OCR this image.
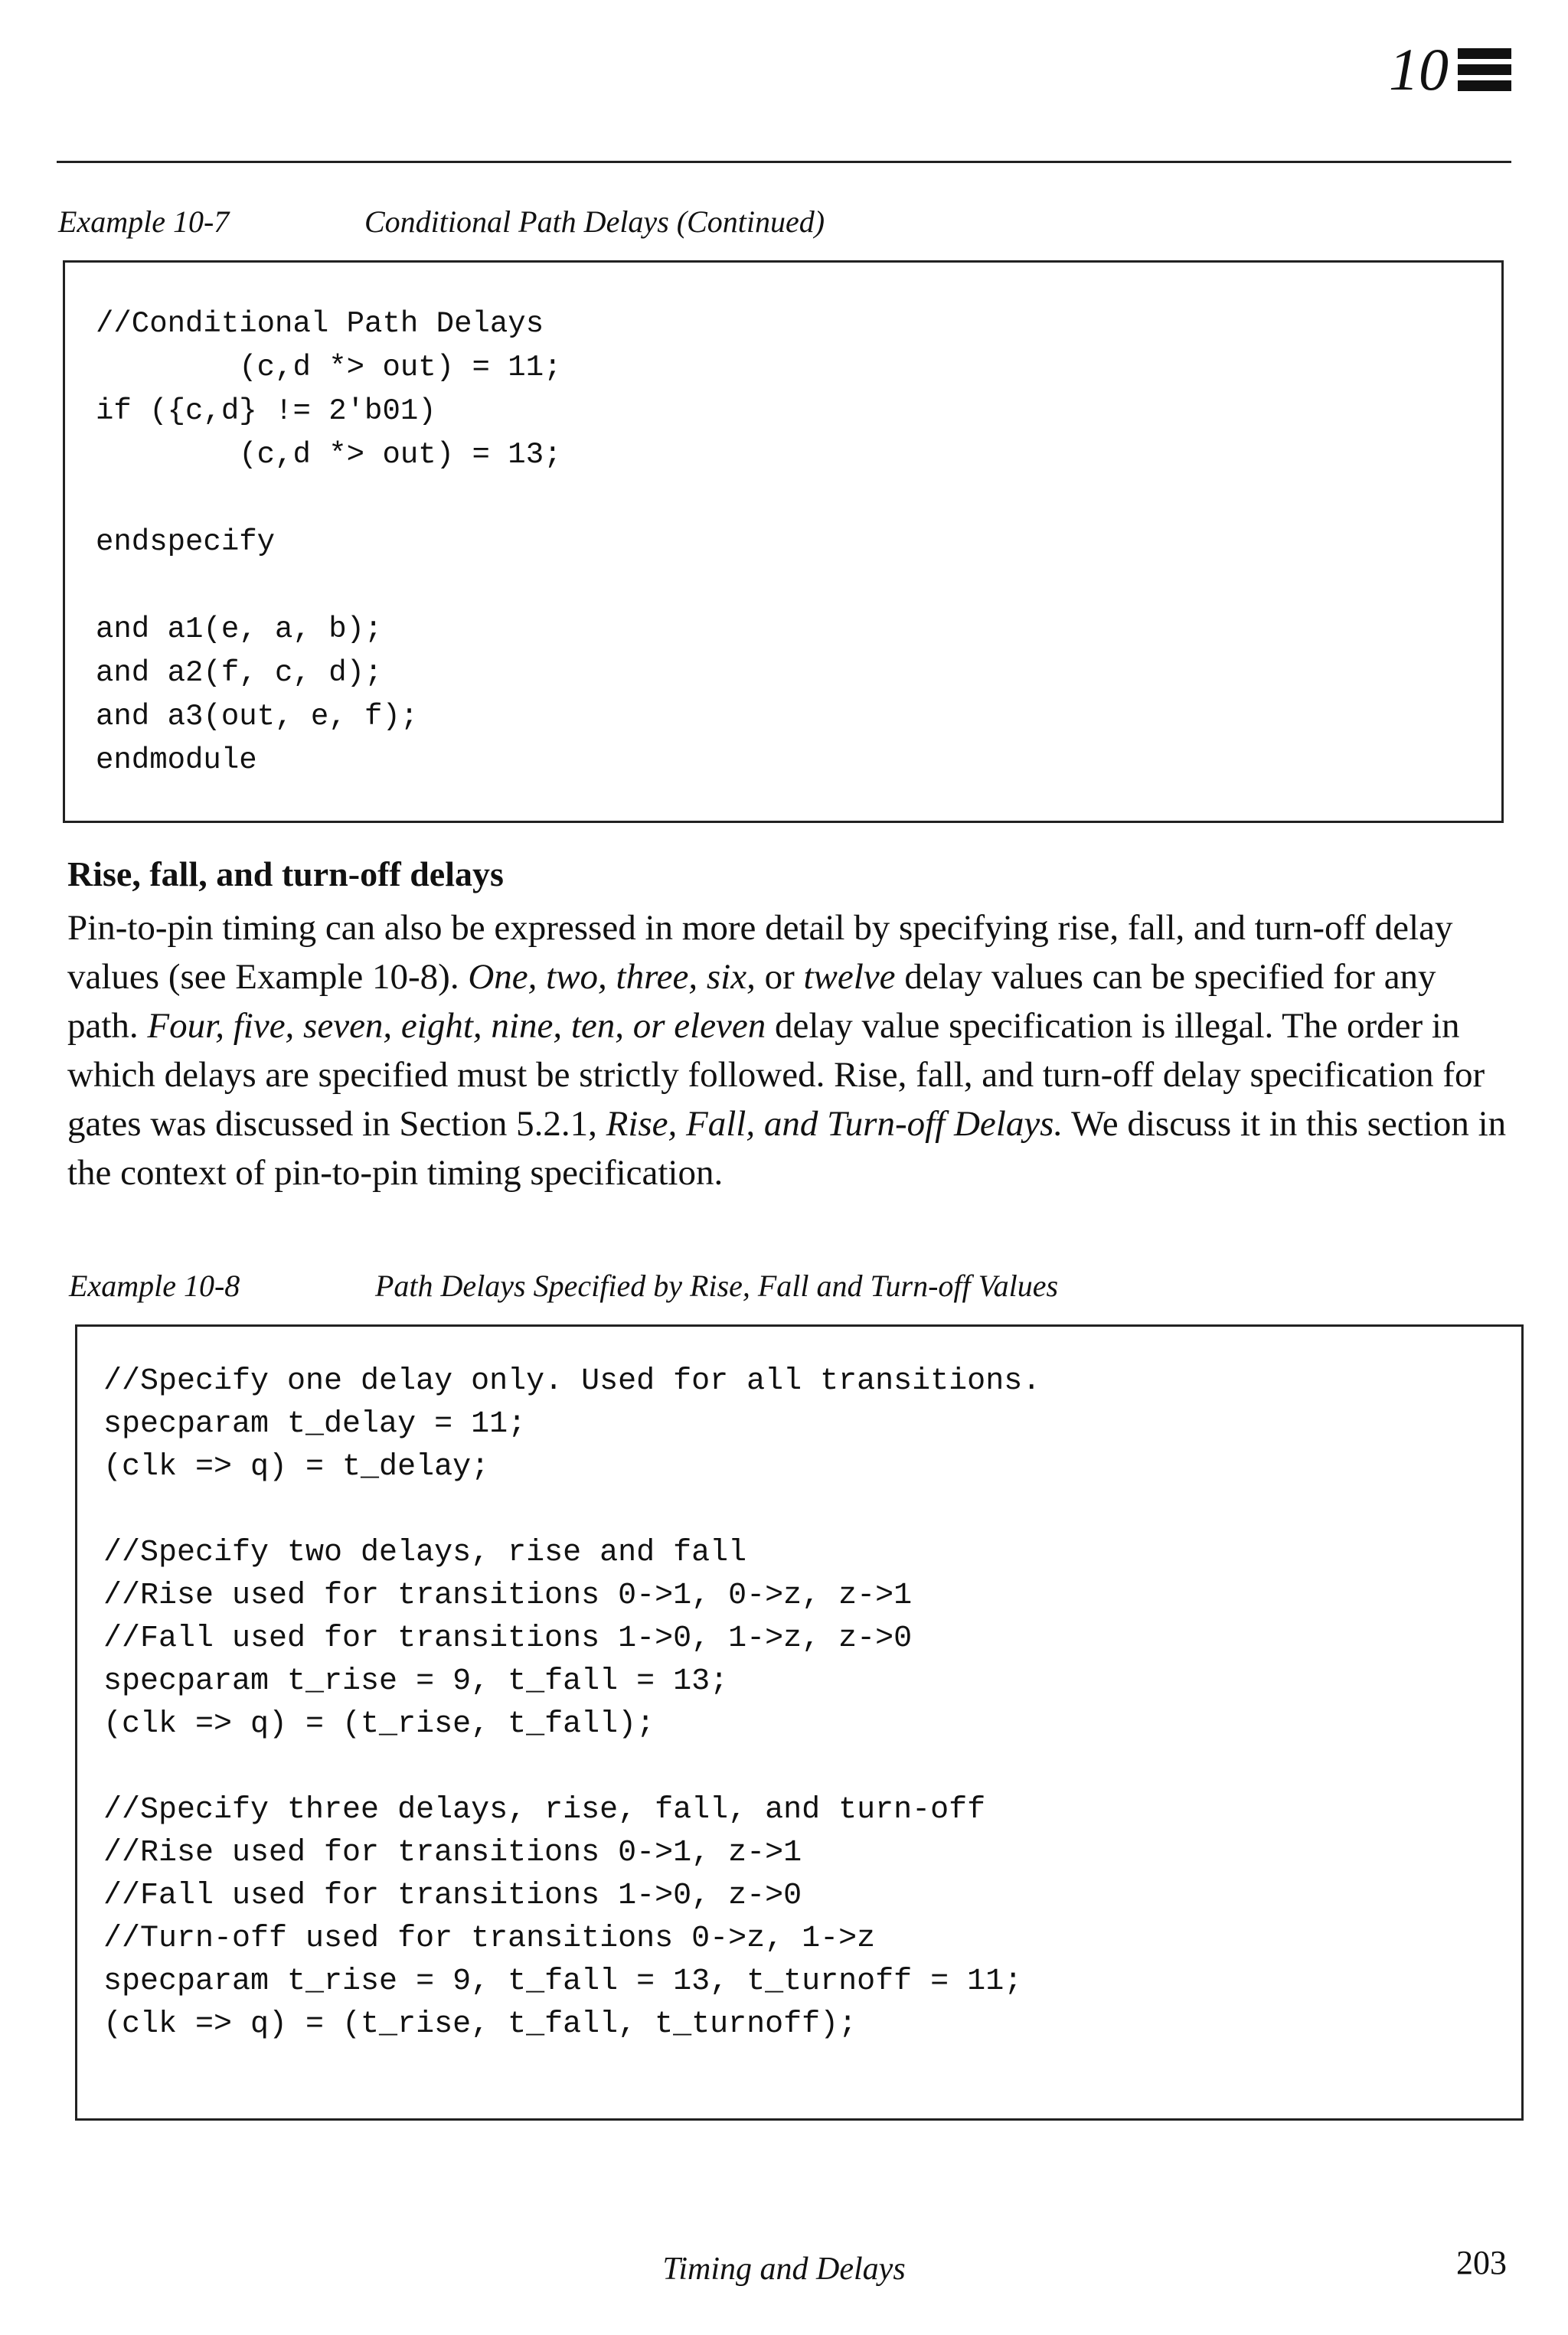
10
Example 10-7	Conditional Path Delays (Continued)
//Conditional Path Delays
(c,d *> out) = 11;
if ({c,d} != 2'b01)
(c,d *> out) = 13;

endspecify

and a1(e, a, b);
and a2(f, c, d);
and a3(out, e, f);
endmodule
Rise, fall, and turn-off delays

Pin-to-pin timing can also be expressed in more detail by specifying rise, fall, and turn-off delay values (see Example 10-8). One, two, three, six, or twelve delay values can be specified for any path. Four, five, seven, eight, nine, ten, or eleven delay value specification is illegal. The order in which delays are specified must be strictly followed. Rise, fall, and turn-off delay specification for gates was discussed in Section 5.2.1, Rise, Fall, and Turn-off Delays. We discuss it in this section in the context of pin-to-pin timing specification.

Example 10-8	Path Delays Specified by Rise, Fall and Turn-off Values
//Specify one delay only. Used for all transitions.
specparam t_delay = 11;
(clk => q) = t_delay;

//Specify two delays, rise and fall
//Rise used for transitions 0->1, 0->z, z->1
//Fall used for transitions 1->0, 1->z, z->0
specparam t_rise = 9, t_fall = 13;
(clk => q) = (t_rise, t_fall);

//Specify three delays, rise, fall, and turn-off
//Rise used for transitions 0->1, z->1
//Fall used for transitions 1->0, z->0
//Turn-off used for transitions 0->z, 1->z
specparam t_rise = 9, t_fall = 13, t_turnoff = 11;
(clk => q) = (t_rise, t_fall, t_turnoff);
Timing and Delays	203
